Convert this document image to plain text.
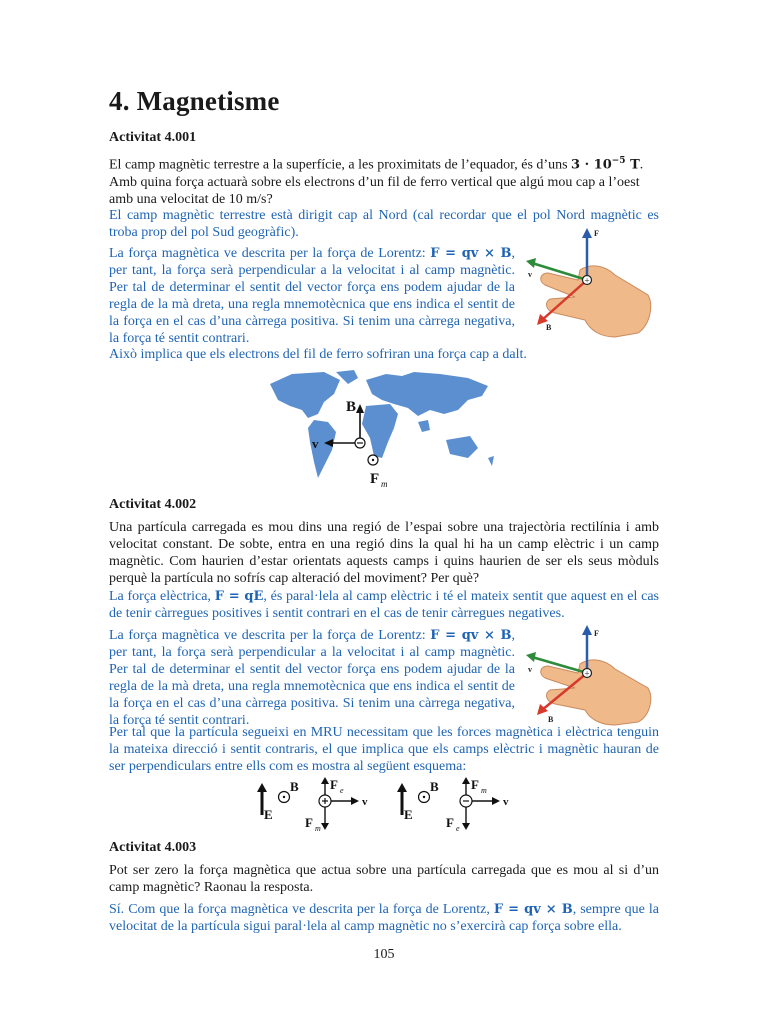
4. Magnetisme
Activitat 4.001
El camp magnètic terrestre a la superfície, a les proximitats de l’equador, és d’uns $3 \cdot 10^{-5}$ T.
Amb quina força actuarà sobre els electrons d’un fil de ferro vertical que algú mou cap a l’oest
amb una velocitat de 10 m/s?
El camp magnètic terrestre està dirigit cap al Nord (cal recordar que el pol Nord magnètic es troba prop del pol Sud geogràfic).
La força magnètica ve descrita per la força de Lorentz: F = qv × B, per tant, la força serà perpendicular a la velocitat i al camp magnètic. Per tal de determinar el sentit del vector força ens podem ajudar de la regla de la mà dreta, una regla mnemotècnica que ens indica el sentit de la força en el cas d’una càrrega positiva. Si tenim una càrrega negativa, la força té sentit contrari.
+
F
v
B
Això implica que els electrons del fil de ferro sofriran una força cap a dalt.
B
v
F m
Activitat 4.002
Una partícula carregada es mou dins una regió de l’espai sobre una trajectòria rectilínia i amb velocitat constant. De sobte, entra en una regió dins la qual hi ha un camp elèctric i un camp magnètic. Com haurien d’estar orientats aquests camps i quins haurien de ser els seus mòduls perquè la partícula no sofrís cap alteració del moviment? Per què?
La força elèctrica, F = qE, és paral·lela al camp elèctric i té el mateix sentit que aquest en el cas de tenir càrregues positives i sentit contrari en el cas de tenir càrregues negatives.
La força magnètica ve descrita per la força de Lorentz: F = qv × B, per tant, la força serà perpendicular a la velocitat i al camp magnètic. Per tal de determinar el sentit del vector força ens podem ajudar de la regla de la mà dreta, una regla mnemotècnica que ens indica el sentit de la força en el cas d’una càrrega positiva. Si tenim una càrrega negativa, la força té sentit contrari.
+
F
v
B
Per tal que la partícula segueixi en MRU necessitam que les forces magnètica i elèctrica tenguin la mateixa direcció i sentit contraris, el que implica que els camps elèctric i magnètic hauran de ser perpendiculars entre ells com es mostra al següent esquema:
E
B F e
F m
v
E
B F m
F e
v
Activitat 4.003
Pot ser zero la força magnètica que actua sobre una partícula carregada que es mou al si d’un camp magnètic? Raonau la resposta.
Sí. Com que la força magnètica ve descrita per la força de Lorentz, F = qv × B, sempre que la velocitat de la partícula sigui paral·lela al camp magnètic no s’exercirà cap força sobre ella.
105
